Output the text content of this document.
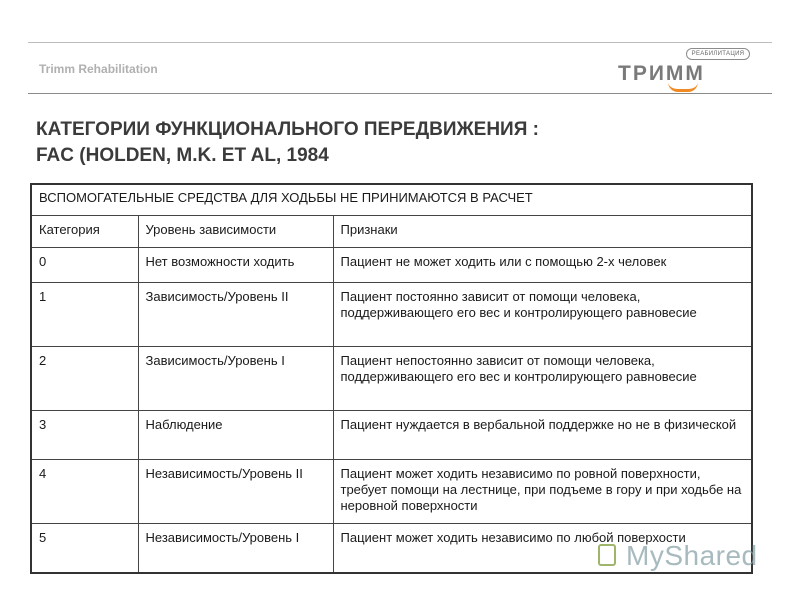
Trimm Rehabilitation
РЕАБИЛИТАЦИЯ
ТРИММ
КАТЕГОРИИ ФУНКЦИОНАЛЬНОГО ПЕРЕДВИЖЕНИЯ :
FAC (HOLDEN, M.K. ET AL, 1984
ВСПОМОГАТЕЛЬНЫЕ СРЕДСТВА ДЛЯ ХОДЬБЫ НЕ ПРИНИМАЮТСЯ В РАСЧЕТ		
Категория	Уровень зависимости	Признаки
0	Нет возможности ходить	Пациент не может ходить или с помощью 2-х человек
1	Зависимость/Уровень II	Пациент постоянно зависит от помощи человека, поддерживающего его вес и контролирующего равновесие
2	Зависимость/Уровень I	Пациент непостоянно зависит от помощи человека, поддерживающего его вес и контролирующего равновесие
3	Наблюдение	Пациент нуждается в вербальной поддержке но не в физической
4	Независимость/Уровень II	Пациент может ходить независимо по ровной поверхности, требует помощи на лестнице, при подъеме в гору и при ходьбе на неровной поверхности
5	Независимость/Уровень I	Пациент может ходить независимо по любой поверхости
MyShared
